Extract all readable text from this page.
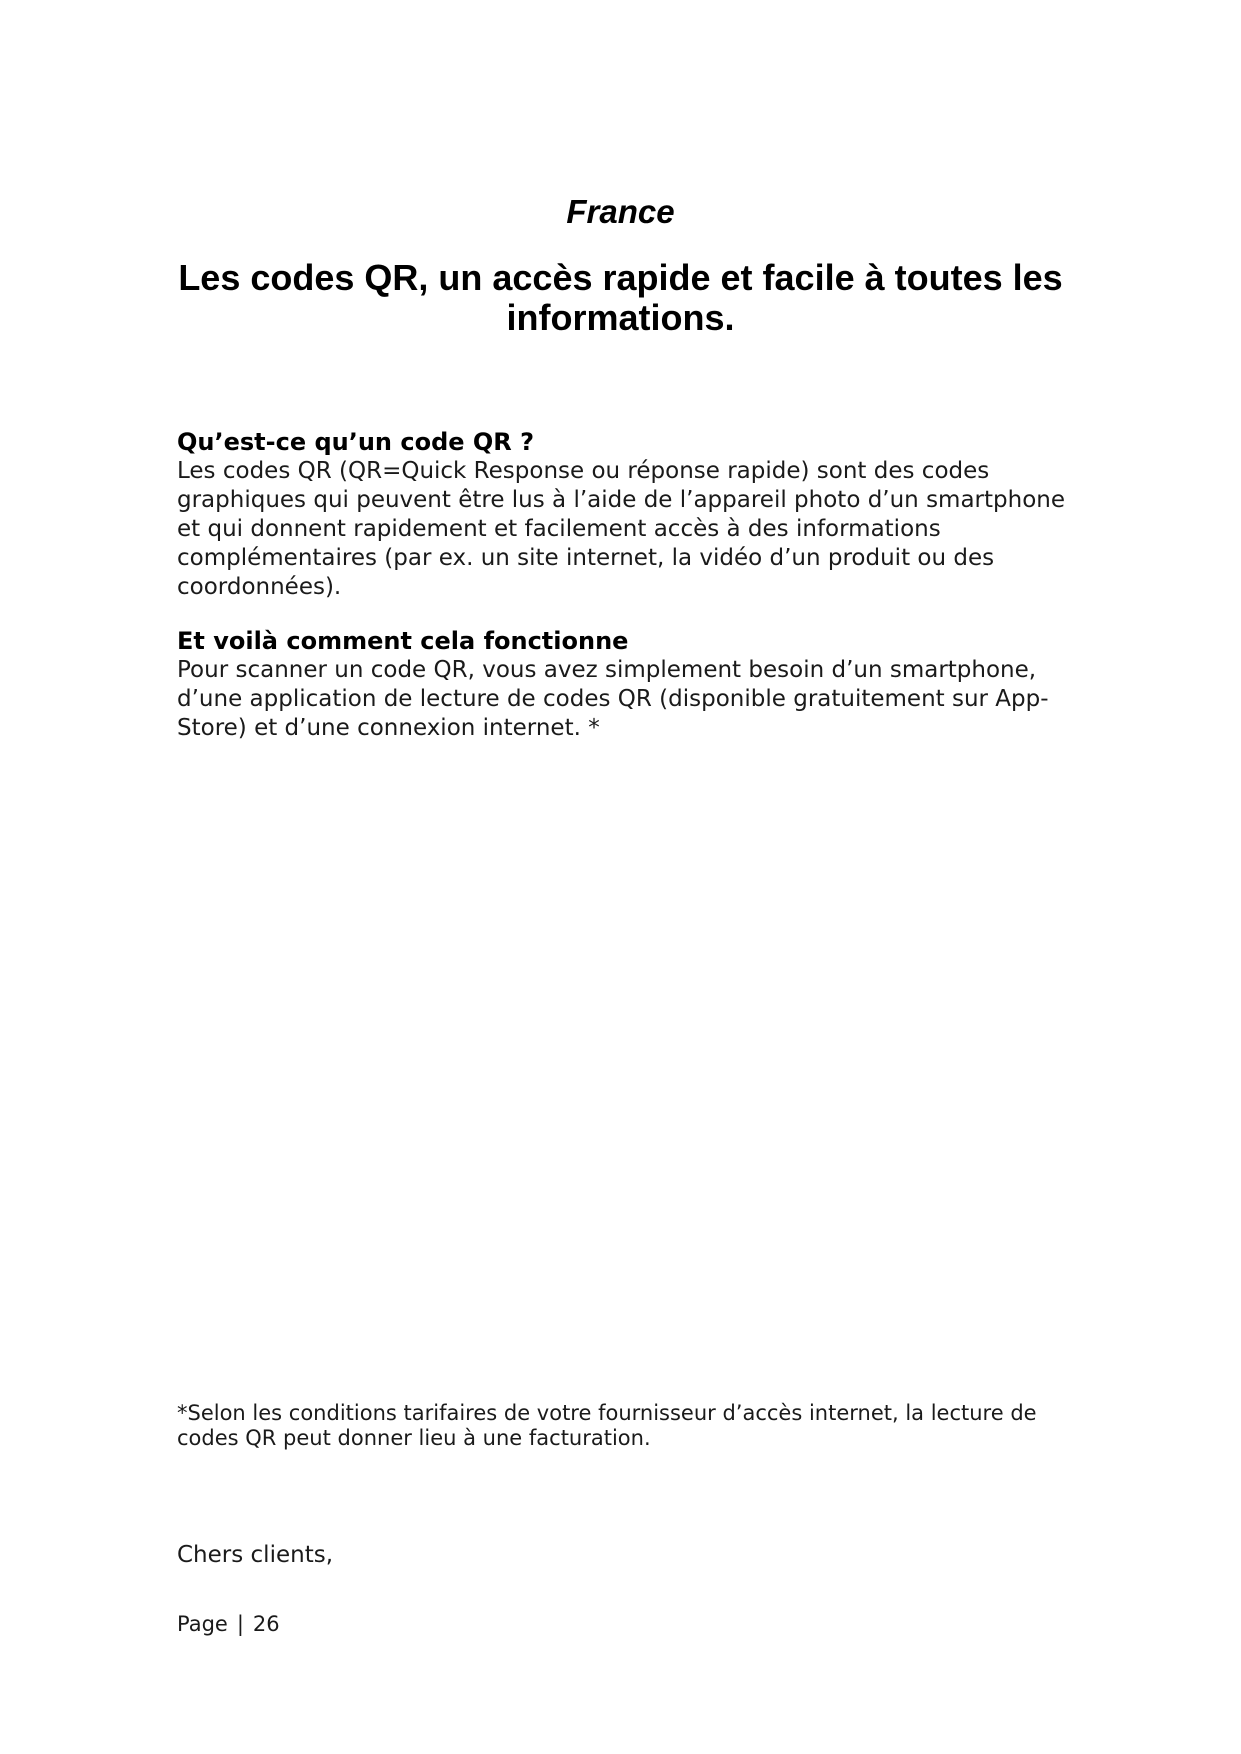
France
Les codes QR, un accès rapide et facile à toutes les informations.
Qu’est-ce qu’un code QR ?

Les codes QR (QR=Quick Response ou réponse rapide) sont des codes graphiques qui peuvent être lus à l’aide de l’appareil photo d’un smartphone et qui donnent rapidement et facilement accès à des informations complémentaires (par ex. un site internet, la vidéo d’un produit ou des coordonnées).

Et voilà comment cela fonctionne

Pour scanner un code QR, vous avez simplement besoin d’un smartphone, d’une application de lecture de codes QR (disponible gratuitement sur App-Store) et d’une connexion internet. *

*Selon les conditions tarifaires de votre fournisseur d’accès internet, la lecture de codes QR peut donner lieu à une facturation.

Chers clients,

Page | 26
